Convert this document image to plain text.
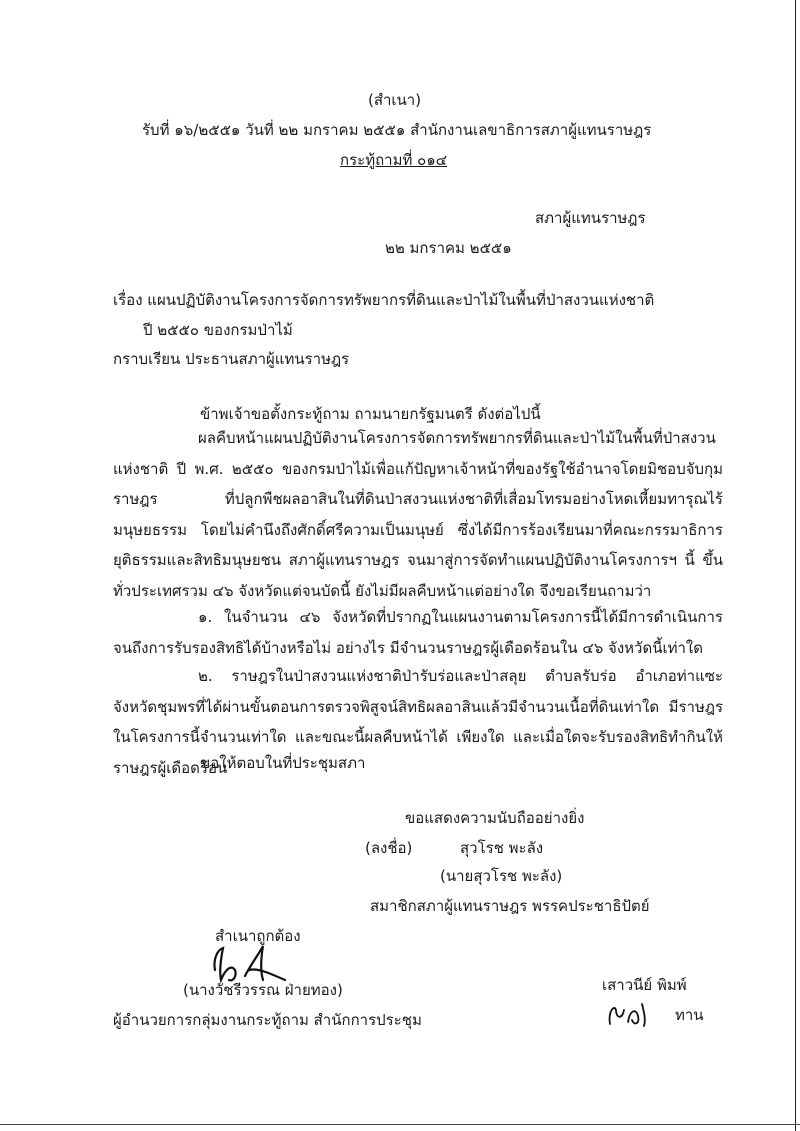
(สำเนา)
รับที่ ๑๖/๒๕๕๑ วันที่ ๒๒ มกราคม ๒๕๕๑ สำนักงานเลขาธิการสภาผู้แทนราษฎร
กระทู้ถามที่ ๐๑๔
สภาผู้แทนราษฎร
๒๒ มกราคม ๒๕๕๑
เรื่อง แผนปฏิบัติงานโครงการจัดการทรัพยากรที่ดินและป่าไม้ในพื้นที่ป่าสงวนแห่งชาติ
ปี ๒๕๕๐ ของกรมป่าไม้
กราบเรียน ประธานสภาผู้แทนราษฎร
ข้าพเจ้าขอตั้งกระทู้ถาม ถามนายกรัฐมนตรี ดังต่อไปนี้
ผลคืบหน้าแผนปฏิบัติงานโครงการจัดการทรัพยากรที่ดินและป่าไม้ในพื้นที่ป่าสงวนแห่งชาติ ปี พ.ศ. ๒๕๕๐ ของกรมป่าไม้เพื่อแก้ปัญหาเจ้าหน้าที่ของรัฐใช้อำนาจโดยมิชอบจับกุมราษฎร ที่ปลูกพืชผลอาสินในที่ดินป่าสงวนแห่งชาติที่เสื่อมโทรมอย่างโหดเหี้ยมทารุณไร้มนุษยธรรม โดยไม่คำนึงถึงศักดิ์ศรีความเป็นมนุษย์ ซึ่งได้มีการร้องเรียนมาที่คณะกรรมาธิการยุติธรรมและสิทธิมนุษยชน สภาผู้แทนราษฎร จนมาสู่การจัดทำแผนปฏิบัติงานโครงการฯ นี้ ขึ้นทั่วประเทศรวม ๔๖ จังหวัดแต่จนบัดนี้ ยังไม่มีผลคืบหน้าแต่อย่างใด จึงขอเรียนถามว่า
๑. ในจำนวน ๔๖ จังหวัดที่ปรากฏในแผนงานตามโครงการนี้ได้มีการดำเนินการ จนถึงการรับรองสิทธิได้บ้างหรือไม่ อย่างไร มีจำนวนราษฎรผู้เดือดร้อนใน ๔๖ จังหวัดนี้เท่าใด
๒. ราษฎรในป่าสงวนแห่งชาติป่ารับร่อและป่าสลุย ตำบลรับร่อ อำเภอท่าแซะ จังหวัดชุมพรที่ได้ผ่านขั้นตอนการตรวจพิสูจน์สิทธิผลอาสินแล้วมีจำนวนเนื้อที่ดินเท่าใด มีราษฎรในโครงการนี้จำนวนเท่าใด และขณะนี้ผลคืบหน้าได้ เพียงใด และเมื่อใดจะรับรองสิทธิทำกินให้ราษฎรผู้เดือดร้อน
ขอให้ตอบในที่ประชุมสภา
ขอแสดงความนับถืออย่างยิ่ง
(ลงชื่อ)	สุวโรช พะลัง
(นายสุวโรช พะลัง)
สมาชิกสภาผู้แทนราษฎร พรรคประชาธิปัตย์
สำเนาถูกต้อง
(นางวัชรีวรรณ ฝ่ายทอง)
ผู้อำนวยการกลุ่มงานกระทู้ถาม สำนักการประชุม
เสาวนีย์ พิมพ์
ทาน
